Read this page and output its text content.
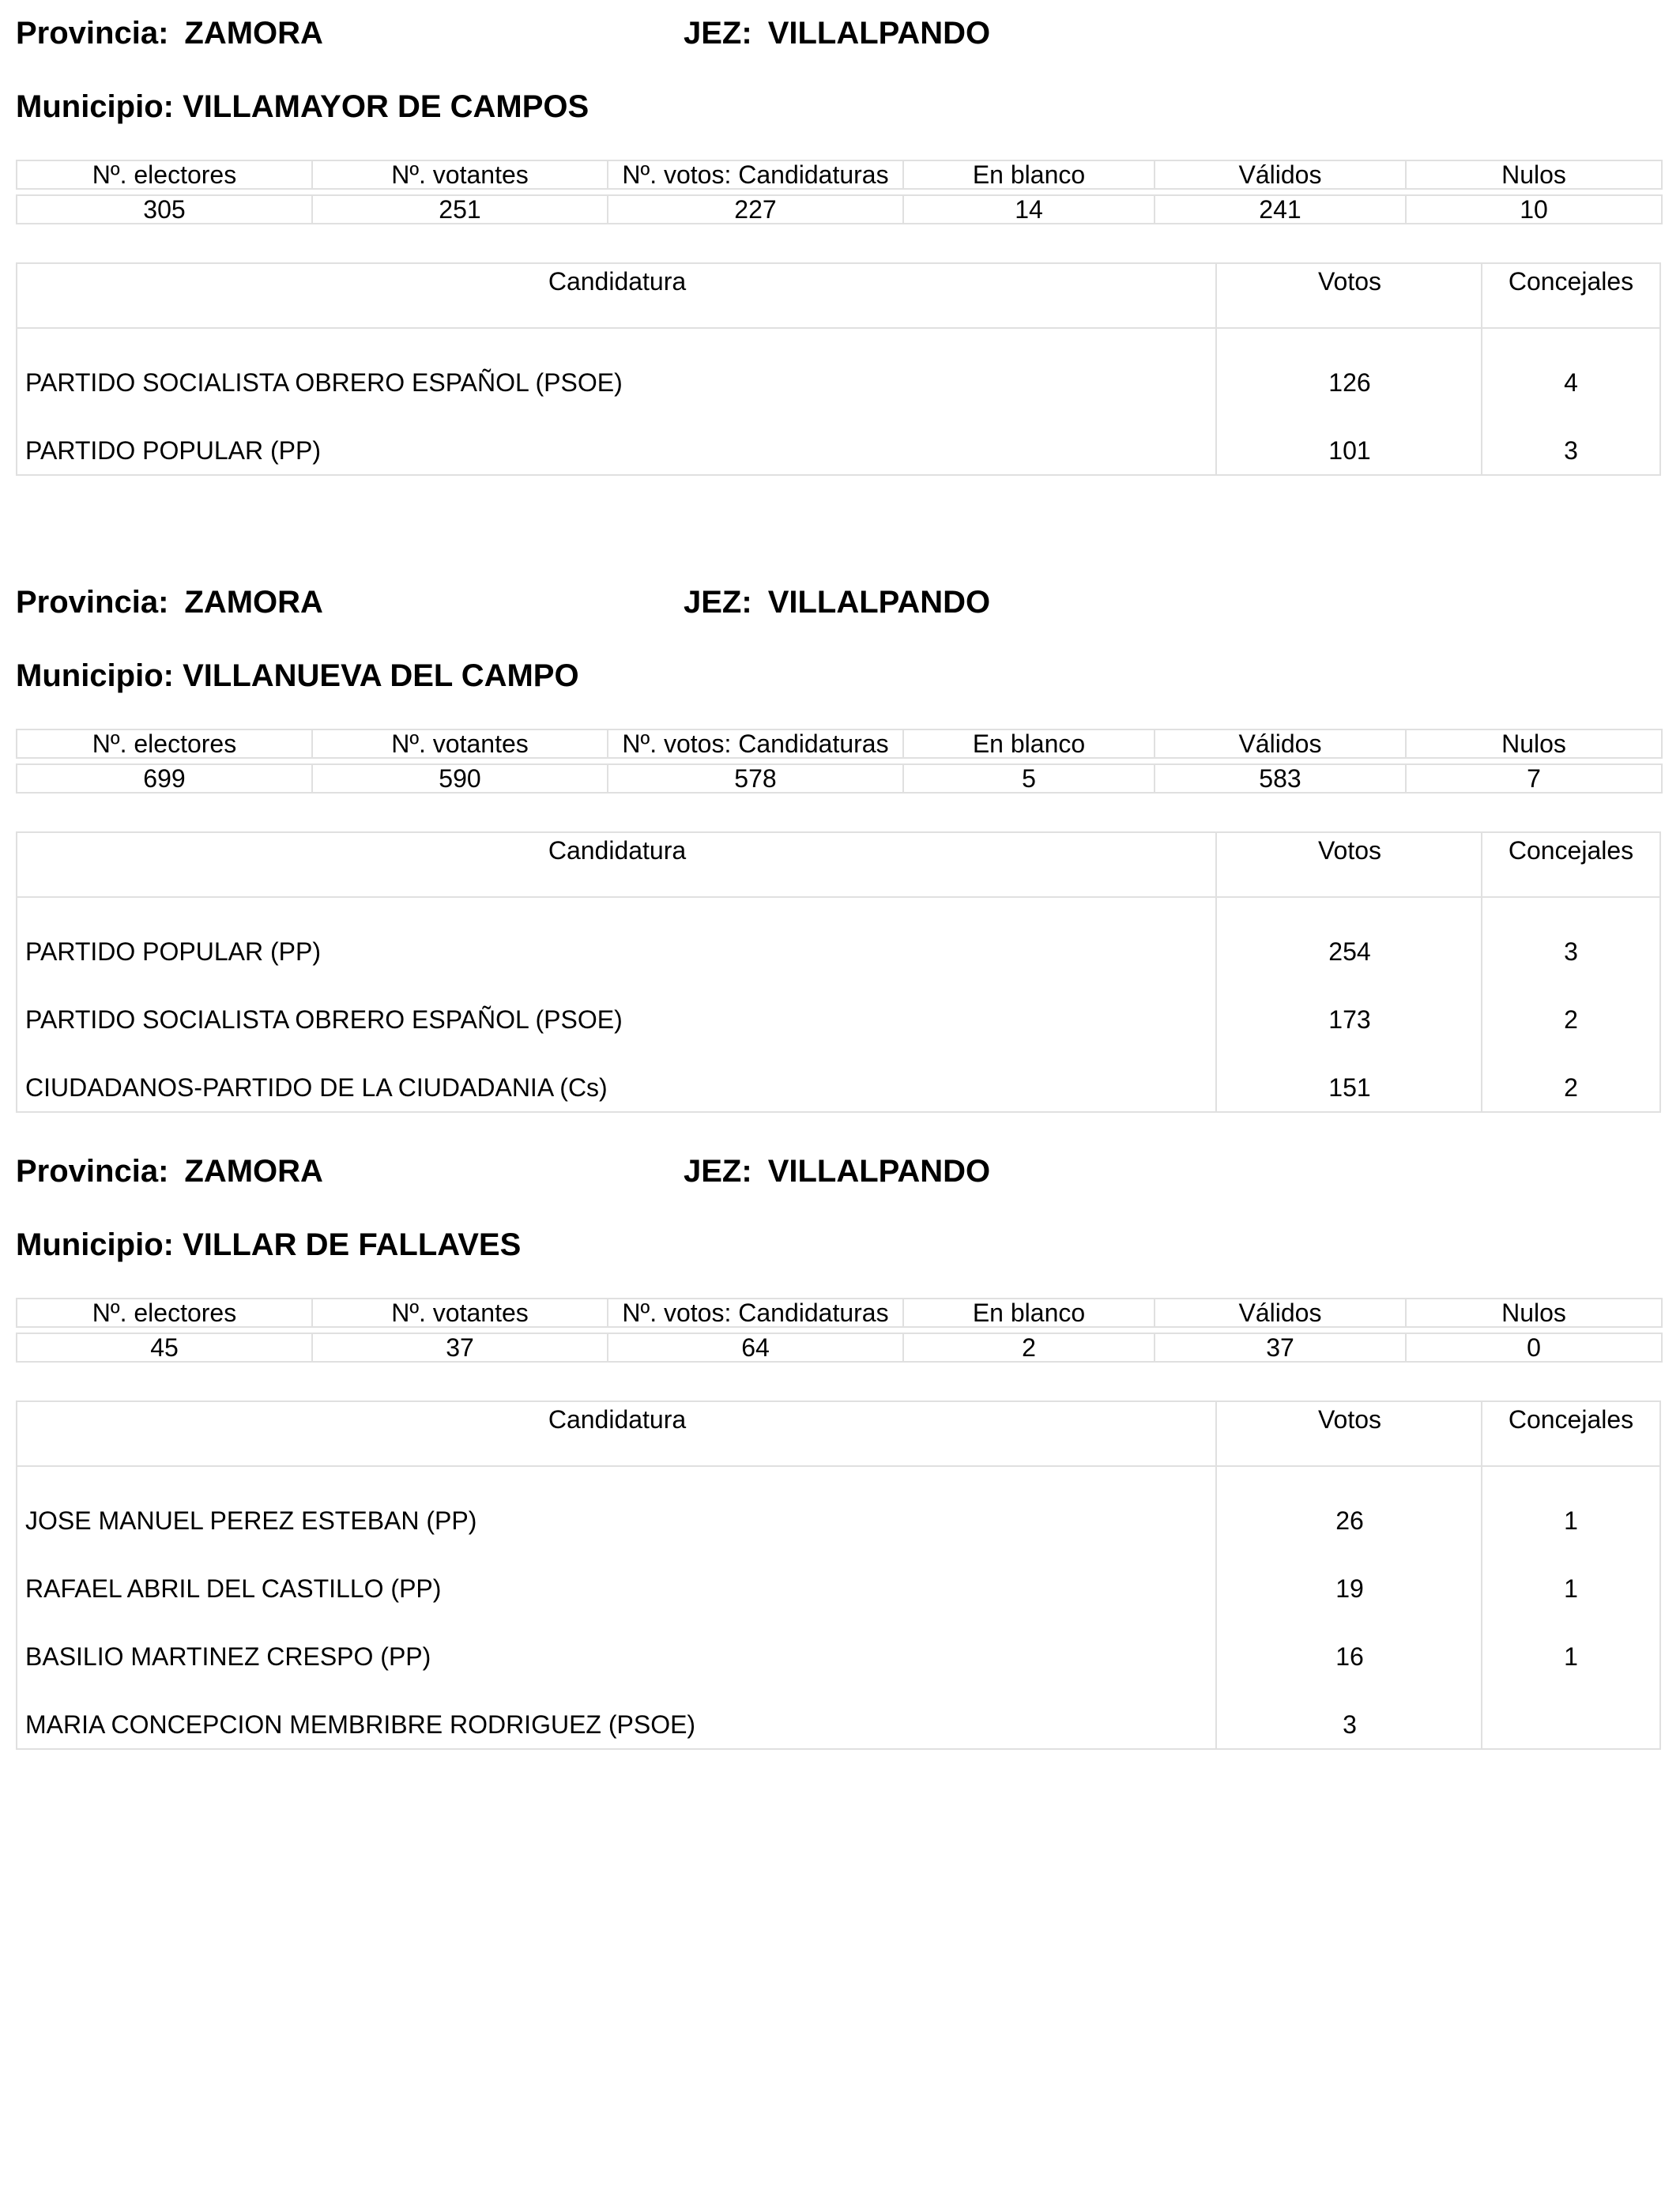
Provincia: ZAMORA	JEZ: VILLALPANDO
Municipio: VILLAMAYOR DE CAMPOS
Nº. electores	Nº. votantes	Nº. votos: Candidaturas	En blanco	Válidos	Nulos

305	251	227	14	241	10
Candidatura	Votos	Concejales
PARTIDO SOCIALISTA OBRERO ESPAÑOL (PSOE)	126	4
PARTIDO POPULAR (PP)	101	3
Provincia: ZAMORA	JEZ: VILLALPANDO
Municipio: VILLANUEVA DEL CAMPO
Nº. electores	Nº. votantes	Nº. votos: Candidaturas	En blanco	Válidos	Nulos

699	590	578	5	583	7
Candidatura	Votos	Concejales
PARTIDO POPULAR (PP)	254	3
PARTIDO SOCIALISTA OBRERO ESPAÑOL (PSOE)	173	2
CIUDADANOS-PARTIDO DE LA CIUDADANIA (Cs)	151	2
Provincia: ZAMORA	JEZ: VILLALPANDO
Municipio: VILLAR DE FALLAVES
Nº. electores	Nº. votantes	Nº. votos: Candidaturas	En blanco	Válidos	Nulos

45	37	64	2	37	0
Candidatura	Votos	Concejales
JOSE MANUEL PEREZ ESTEBAN (PP)	26	1
RAFAEL ABRIL DEL CASTILLO (PP)	19	1
BASILIO MARTINEZ CRESPO (PP)	16	1
MARIA CONCEPCION MEMBRIBRE RODRIGUEZ (PSOE)	3
